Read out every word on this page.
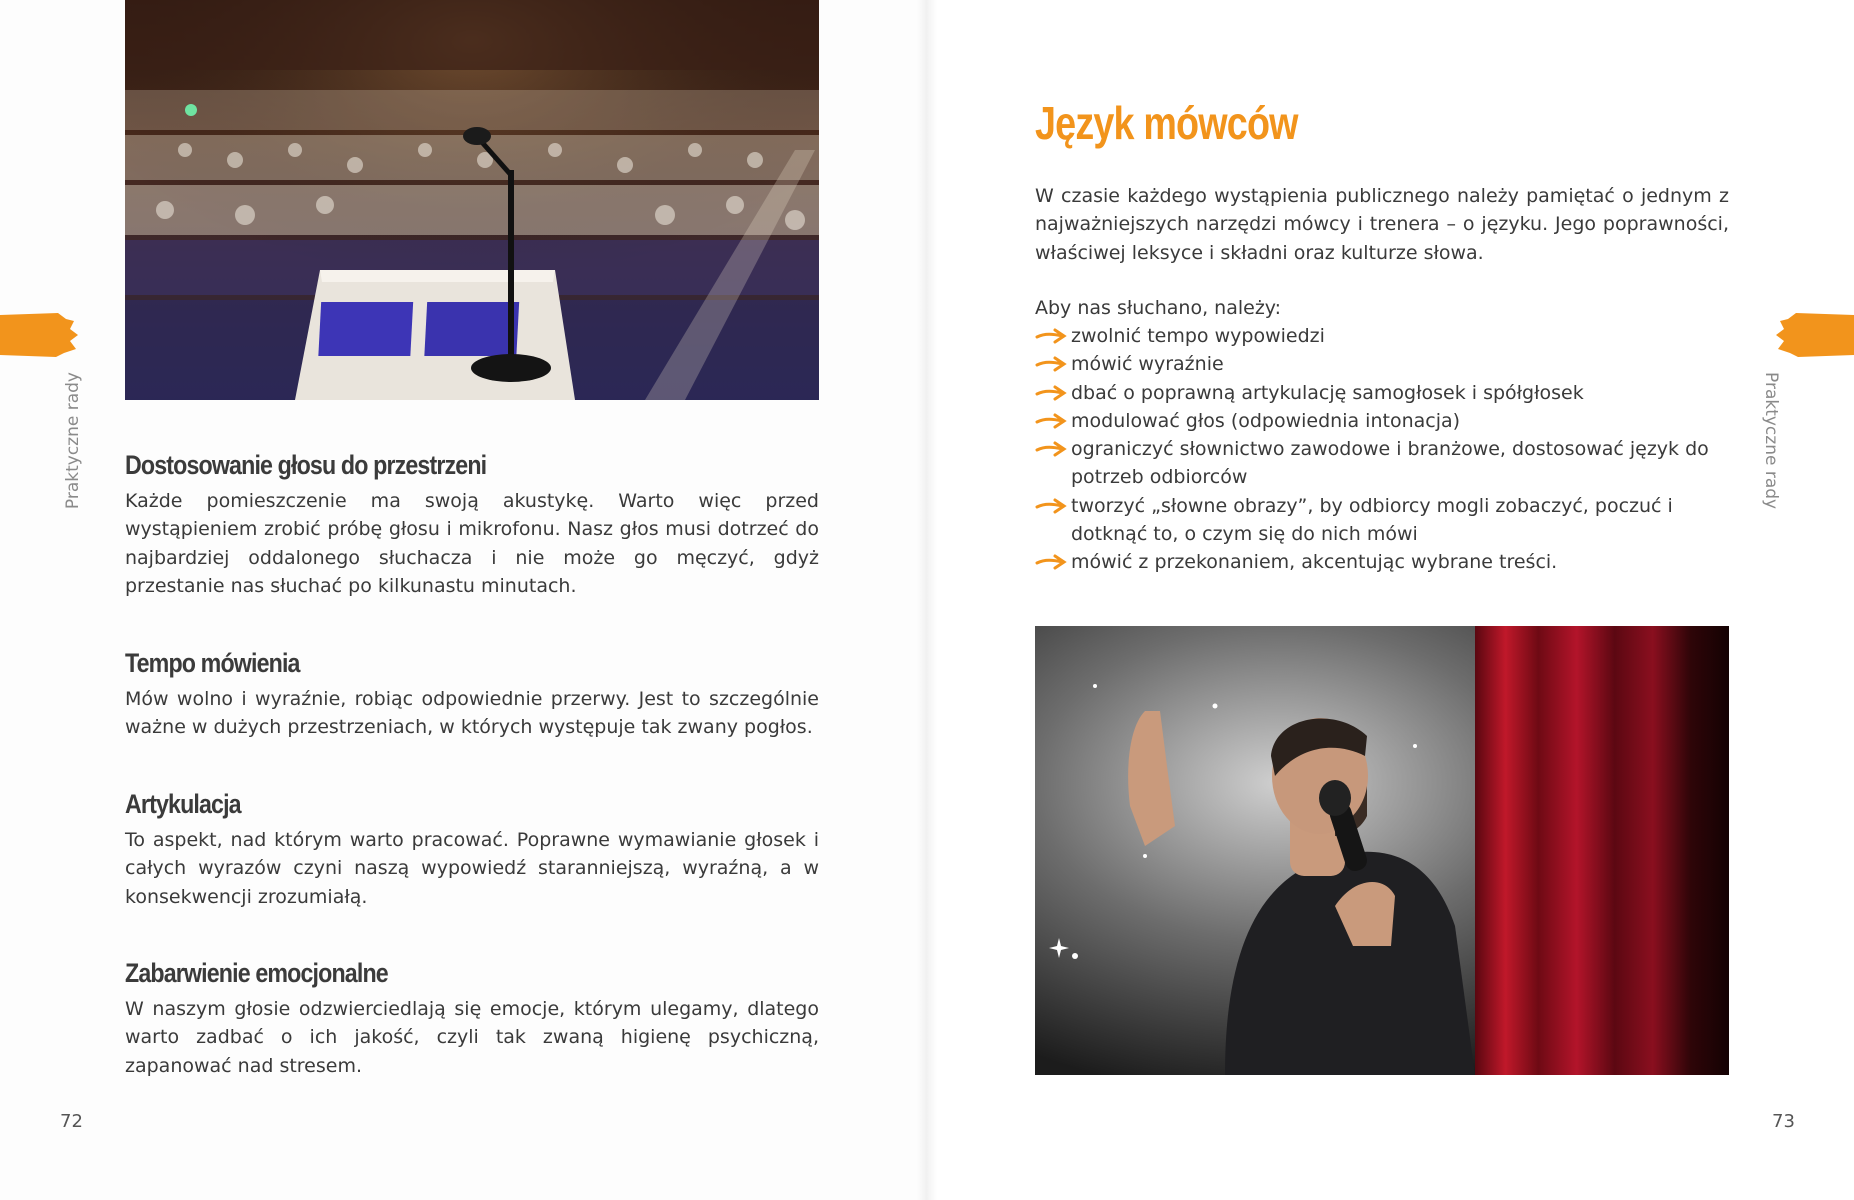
Praktyczne rady Dostosowanie głosu do przestrzeni

Każde pomieszczenie ma swoją akustykę. Warto więc przed wystąpieniem zrobić próbę głosu i mikrofonu. Nasz głos musi dotrzeć do najbardziej oddalonego słuchacza i nie może go męczyć, gdyż przestanie nas słuchać po kilkunastu minutach.

Tempo mówienia

Mów wolno i wyraźnie, robiąc odpowiednie przerwy. Jest to szczególnie ważne w dużych przestrzeniach, w których występuje tak zwany pogłos.

Artykulacja

To aspekt, nad którym warto pracować. Poprawne wymawianie głosek i całych wyrazów czyni naszą wypowiedź staranniejszą, wyraźną, a w konsekwencji zrozumiałą.

Zabarwienie emocjonalne

W naszym głosie odzwierciedlają się emocje, którym ulegamy, dlatego warto zadbać o ich jakość, czyli tak zwaną higienę psychiczną, zapanować nad stresem.

72
Język mówców

W czasie każdego wystąpienia publicznego należy pamiętać o jednym z najważniejszych narzędzi mówcy i trenera – o języku. Jego poprawności, właściwej leksyce i składni oraz kulturze słowa.

Aby nas słuchano, należy:

zwolnić tempo wypowiedzi
mówić wyraźnie
dbać o poprawną artykulację samogłosek i spółgłosek
modulować głos (odpowiednia intonacja)
ograniczyć słownictwo zawodowe i branżowe, dostosować język do potrzeb odbiorców
tworzyć „słowne obrazy”, by odbiorcy mogli zobaczyć, poczuć i dotknąć to, o czym się do nich mówi
mówić z przekonaniem, akcentując wybrane treści.
Praktyczne rady
73
